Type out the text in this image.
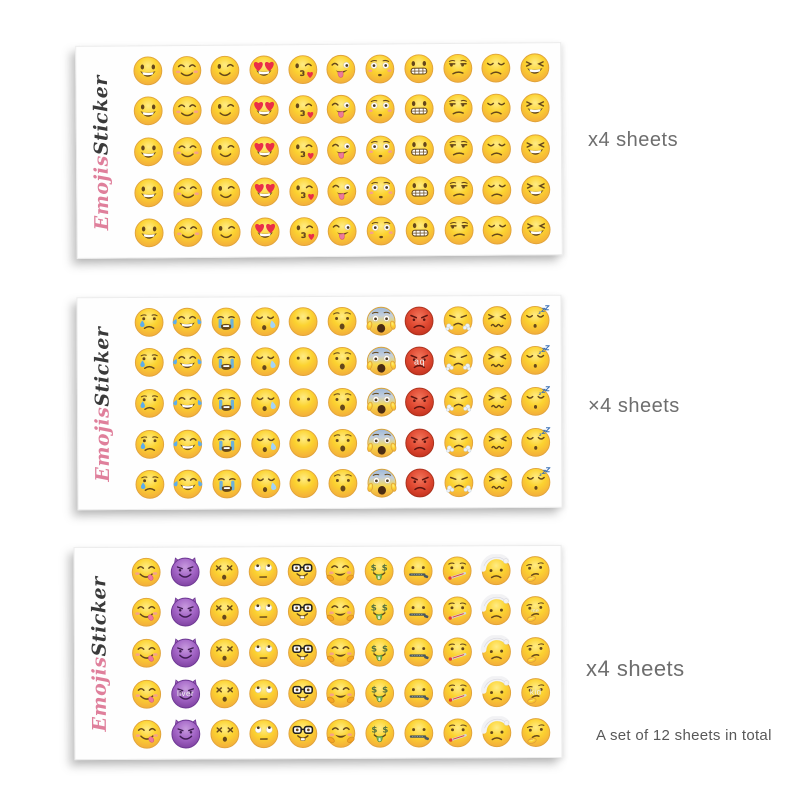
EmojisSticker
EmojisSticker
z Z Z
z Z Z
z Z Z
z Z Z
z Z Z
aq
EmojisSticker
$ $
$
$ $
$
$ $
$
$ $
$
$ $
$
me
liver	kid
x4 sheets
×4 sheets
x4 sheets
A set of 12 sheets in total
